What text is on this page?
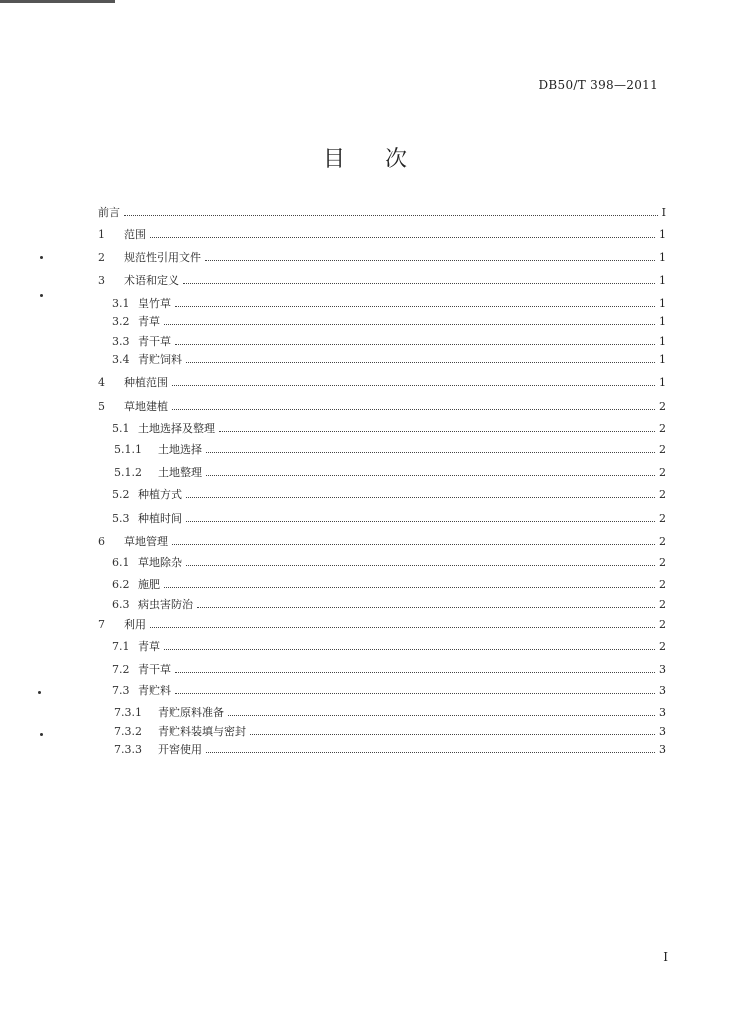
DB50/T 398—2011
目次
前言	I
1	范围	1
2	规范性引用文件	1
3	术语和定义	1
3.1 皇竹草	1
3.2 青草	1
3.3 青干草	1
3.4 青贮饲料	1
4	种植范围	1
5	草地建植	2
5.1 土地选择及整理	2
5.1.1	土地选择	2
5.1.2	土地整理	2
5.2 种植方式	2
5.3 种植时间	2
6	草地管理	2
6.1 草地除杂	2
6.2 施肥	2
6.3 病虫害防治	2
7	利用	2
7.1 青草	2
7.2 青干草	3
7.3 青贮料	3
7.3.1	青贮原料准备	3
7.3.2	青贮料装填与密封	3
7.3.3	开窖使用	3
I
